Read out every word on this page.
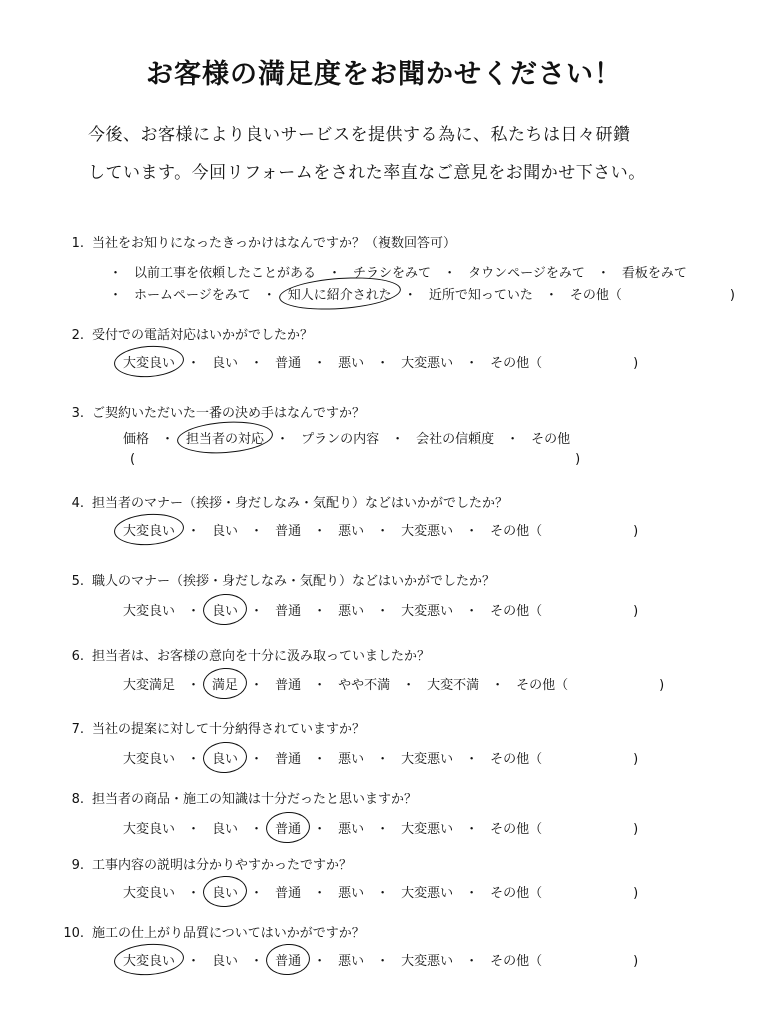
お客様の満足度をお聞かせください！
今後、お客様により良いサービスを提供する為に、私たちは日々研鑽
しています。今回リフォームをされた率直なご意見をお聞かせ下さい。
1. 当社をお知りになったきっかけはなんですか？（複数回答可）
・ 以前工事を依頼したことがある ・ チラシをみて ・ タウンページをみて ・ 看板をみて
・ ホームページをみて ・ 知人に紹介された ・ 近所で知っていた ・ その他（	)
2. 受付での電話対応はいかがでしたか？
大変良い ・ 良い ・ 普通 ・ 悪い ・ 大変悪い ・ その他（	)
3. ご契約いただいた一番の決め手はなんですか？
価格 ・ 担当者の対応 ・ プランの内容 ・ 会社の信頼度 ・ その他
(	)
4. 担当者のマナー（挨拶・身だしなみ・気配り）などはいかがでしたか？
大変良い ・ 良い ・ 普通 ・ 悪い ・ 大変悪い ・ その他（	)
5. 職人のマナー（挨拶・身だしなみ・気配り）などはいかがでしたか？
大変良い ・ 良い ・ 普通 ・ 悪い ・ 大変悪い ・ その他（	)
6. 担当者は、お客様の意向を十分に汲み取っていましたか？
大変満足 ・ 満足 ・ 普通 ・ やや不満 ・ 大変不満 ・ その他（	)
7. 当社の提案に対して十分納得されていますか？
大変良い ・ 良い ・ 普通 ・ 悪い ・ 大変悪い ・ その他（	)
8. 担当者の商品・施工の知識は十分だったと思いますか？
大変良い ・ 良い ・ 普通 ・ 悪い ・ 大変悪い ・ その他（	)
9. 工事内容の説明は分かりやすかったですか？
大変良い ・ 良い ・ 普通 ・ 悪い ・ 大変悪い ・ その他（	)
10. 施工の仕上がり品質についてはいかがですか？
大変良い ・ 良い ・ 普通 ・ 悪い ・ 大変悪い ・ その他（	)
